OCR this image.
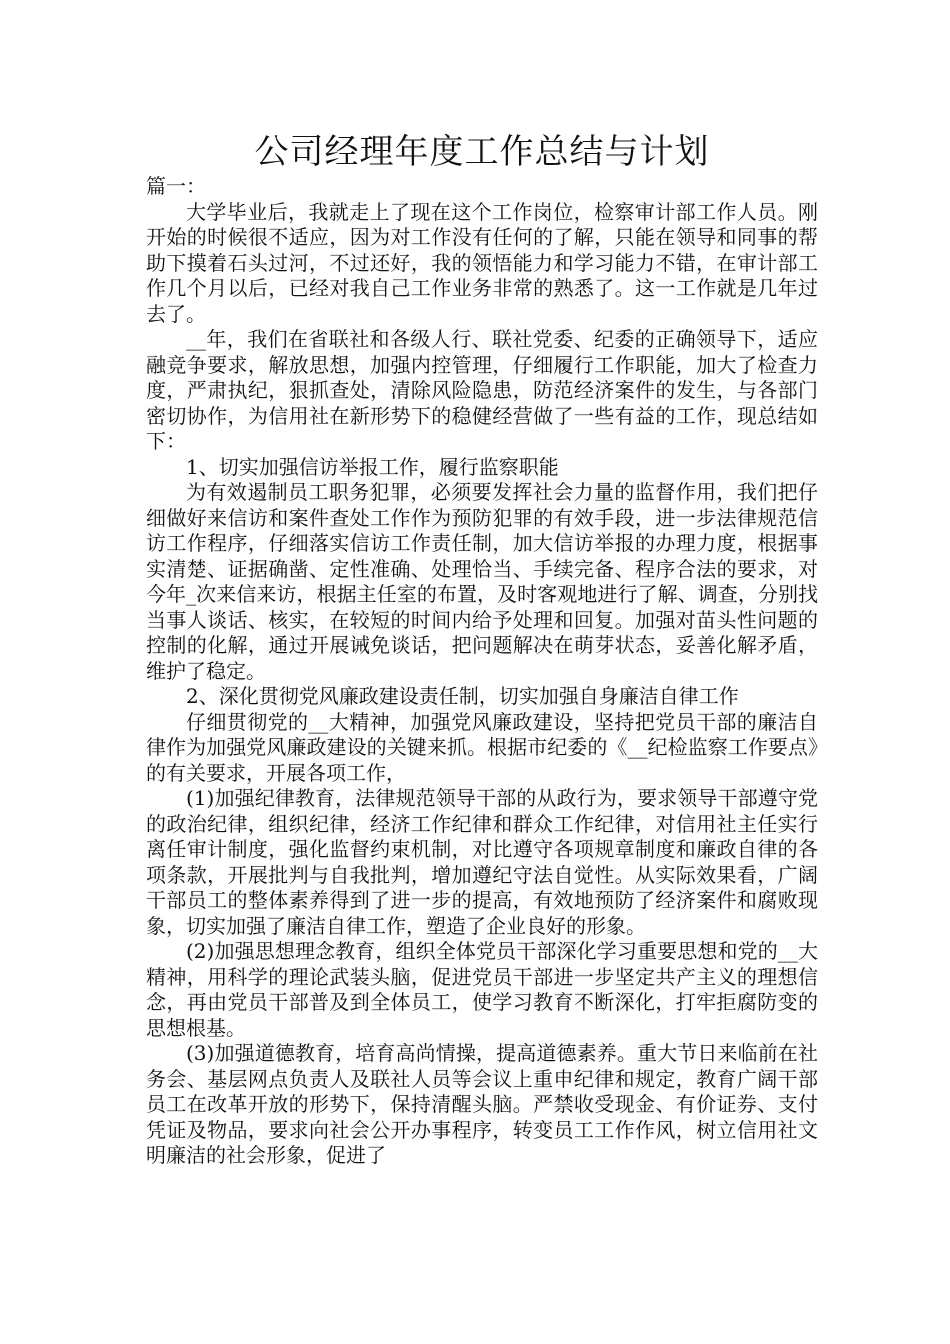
公司经理年度工作总结与计划

篇一：

大学毕业后，我就走上了现在这个工作岗位，检察审计部工作人员。刚开始的时候很不适应，因为对工作没有任何的了解，只能在领导和同事的帮助下摸着石头过河，不过还好，我的领悟能力和学习能力不错，在审计部工作几个月以后，已经对我自己工作业务非常的熟悉了。这一工作就是几年过去了。

__年，我们在省联社和各级人行、联社党委、纪委的正确领导下，适应融竞争要求，解放思想，加强内控管理，仔细履行工作职能，加大了检查力度，严肃执纪，狠抓查处，清除风险隐患，防范经济案件的发生，与各部门密切协作，为信用社在新形势下的稳健经营做了一些有益的工作，现总结如下：

1、切实加强信访举报工作，履行监察职能

为有效遏制员工职务犯罪，必须要发挥社会力量的监督作用，我们把仔细做好来信访和案件查处工作作为预防犯罪的有效手段，进一步法律规范信访工作程序，仔细落实信访工作责任制，加大信访举报的办理力度，根据事实清楚、证据确凿、定性准确、处理恰当、手续完备、程序合法的要求，对今年_次来信来访，根据主任室的布置，及时客观地进行了解、调查，分别找当事人谈话、核实，在较短的时间内给予处理和回复。加强对苗头性问题的控制的化解，通过开展诫免谈话，把问题解决在萌芽状态，妥善化解矛盾，维护了稳定。

2、深化贯彻党风廉政建设责任制，切实加强自身廉洁自律工作

仔细贯彻党的__大精神，加强党风廉政建设，坚持把党员干部的廉洁自律作为加强党风廉政建设的关键来抓。根据市纪委的《__纪检监察工作要点》的有关要求，开展各项工作，

(1)加强纪律教育，法律规范领导干部的从政行为，要求领导干部遵守党的政治纪律，组织纪律，经济工作纪律和群众工作纪律，对信用社主任实行离任审计制度，强化监督约束机制，对比遵守各项规章制度和廉政自律的各项条款，开展批判与自我批判，增加遵纪守法自觉性。从实际效果看，广阔干部员工的整体素养得到了进一步的提高，有效地预防了经济案件和腐败现象，切实加强了廉洁自律工作，塑造了企业良好的形象。

(2)加强思想理念教育，组织全体党员干部深化学习重要思想和党的__大精神，用科学的理论武装头脑，促进党员干部进一步坚定共产主义的理想信念，再由党员干部普及到全体员工，使学习教育不断深化，打牢拒腐防变的思想根基。

(3)加强道德教育，培育高尚情操，提高道德素养。重大节日来临前在社务会、基层网点负责人及联社人员等会议上重申纪律和规定，教育广阔干部员工在改革开放的形势下，保持清醒头脑。严禁收受现金、有价证券、支付凭证及物品，要求向社会公开办事程序，转变员工工作作风，树立信用社文明廉洁的社会形象，促进了
